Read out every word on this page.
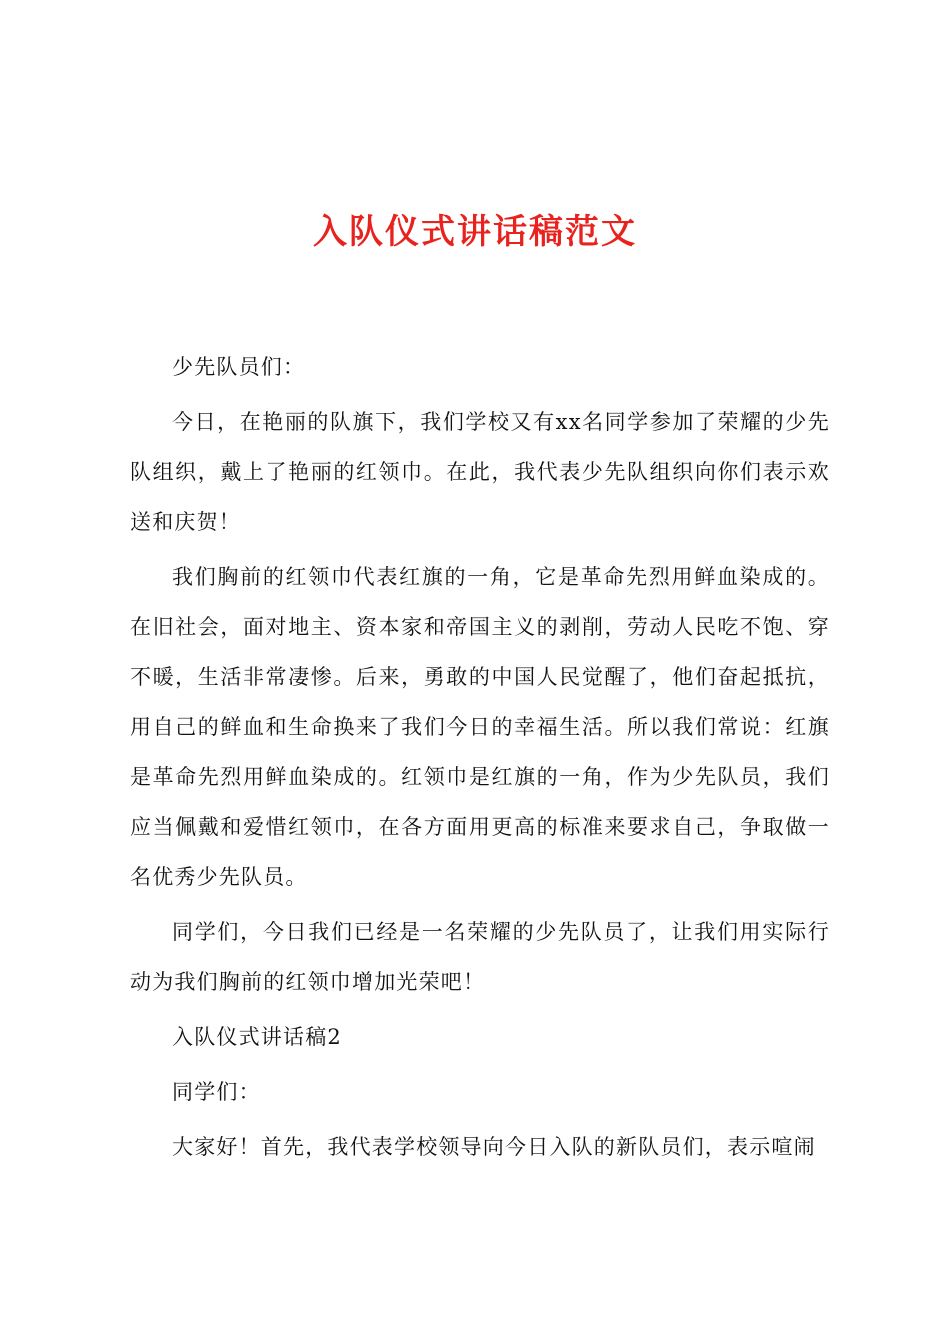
入队仪式讲话稿范文

少先队员们：

今日，在艳丽的队旗下，我们学校又有xx名同学参加了荣耀的少先队组织，戴上了艳丽的红领巾。在此，我代表少先队组织向你们表示欢送和庆贺！

我们胸前的红领巾代表红旗的一角，它是革命先烈用鲜血染成的。在旧社会，面对地主、资本家和帝国主义的剥削，劳动人民吃不饱、穿不暖，生活非常凄惨。后来，勇敢的中国人民觉醒了，他们奋起抵抗，用自己的鲜血和生命换来了我们今日的幸福生活。所以我们常说：红旗是革命先烈用鲜血染成的。红领巾是红旗的一角，作为少先队员，我们应当佩戴和爱惜红领巾，在各方面用更高的标准来要求自己，争取做一名优秀少先队员。

同学们，今日我们已经是一名荣耀的少先队员了，让我们用实际行动为我们胸前的红领巾增加光荣吧！

入队仪式讲话稿2

同学们：

大家好！首先，我代表学校领导向今日入队的新队员们，表示喧闹
